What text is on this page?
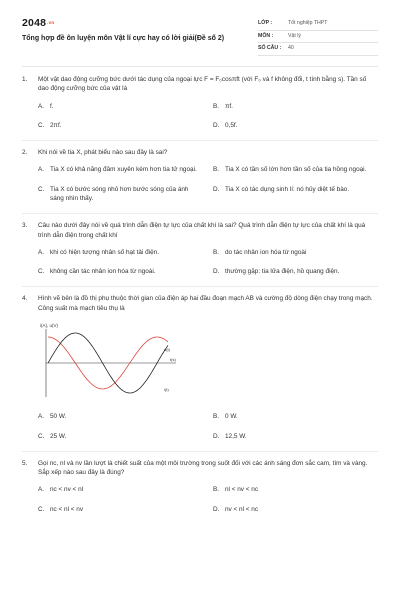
2048.vn
Tổng hợp đề ôn luyện môn Vật lí cực hay có lời giải(Đề số 2)
LỚP :	Tốt nghiệp THPT
MÔN :	Vật lý
SỐ CÂU :	40
1.	Một vật dao động cưỡng bức dưới tác dụng của ngoại lực F = F₀cosπft (với F₀ và f không đổi, t tính bằng s). Tần số dao động cưỡng bức của vật là
A. f.	B. πf.
C. 2πf.	D. 0,5f.
2.	Khi nói về tia X, phát biểu nào sau đây là sai?
A. Tia X có khả năng đâm xuyên kém hơn tia tử ngoại.	B. Tia X có tần số lớn hơn tần số của tia hồng ngoại.
C. Tia X có bước sóng nhỏ hơn bước sóng của ánh sáng nhìn thấy.
D. Tia X có tác dụng sinh lí: nó hủy diệt tế bào.
3.	Câu nào dưới đây nói về quá trình dẫn điện tự lực của chất khí là sai? Quá trình dẫn điện tự lực của chất khí là quá trình dẫn điện trong chất khí
A. khi có hiện tượng nhân số hạt tải điện.	B. do tác nhân ion hóa từ ngoài
C. không cần tác nhân ion hóa từ ngoài.	D. thường gặp: tia lửa điện, hồ quang điện.
4.	Hình vẽ bên là đồ thị phụ thuộc thời gian của điện áp hai đầu đoạn mạch AB và cường độ dòng điện chạy trong mạch. Công suất mà mạch tiêu thụ là
i(A), u(V)
u(t)
t(s)
i(t)
A. 50 W.	B. 0 W.
C. 25 W.	D. 12,5 W.
5.	Gọi nc, nl và nv lần lượt là chiết suất của một môi trường trong suốt đối với các ánh sáng đơn sắc cam, tím và vàng. Sắp xếp nào sau đây là đúng?
A. nc < nv < nl	B. nl < nv < nc
C. nc < nl < nv	D. nv < nl < nc
